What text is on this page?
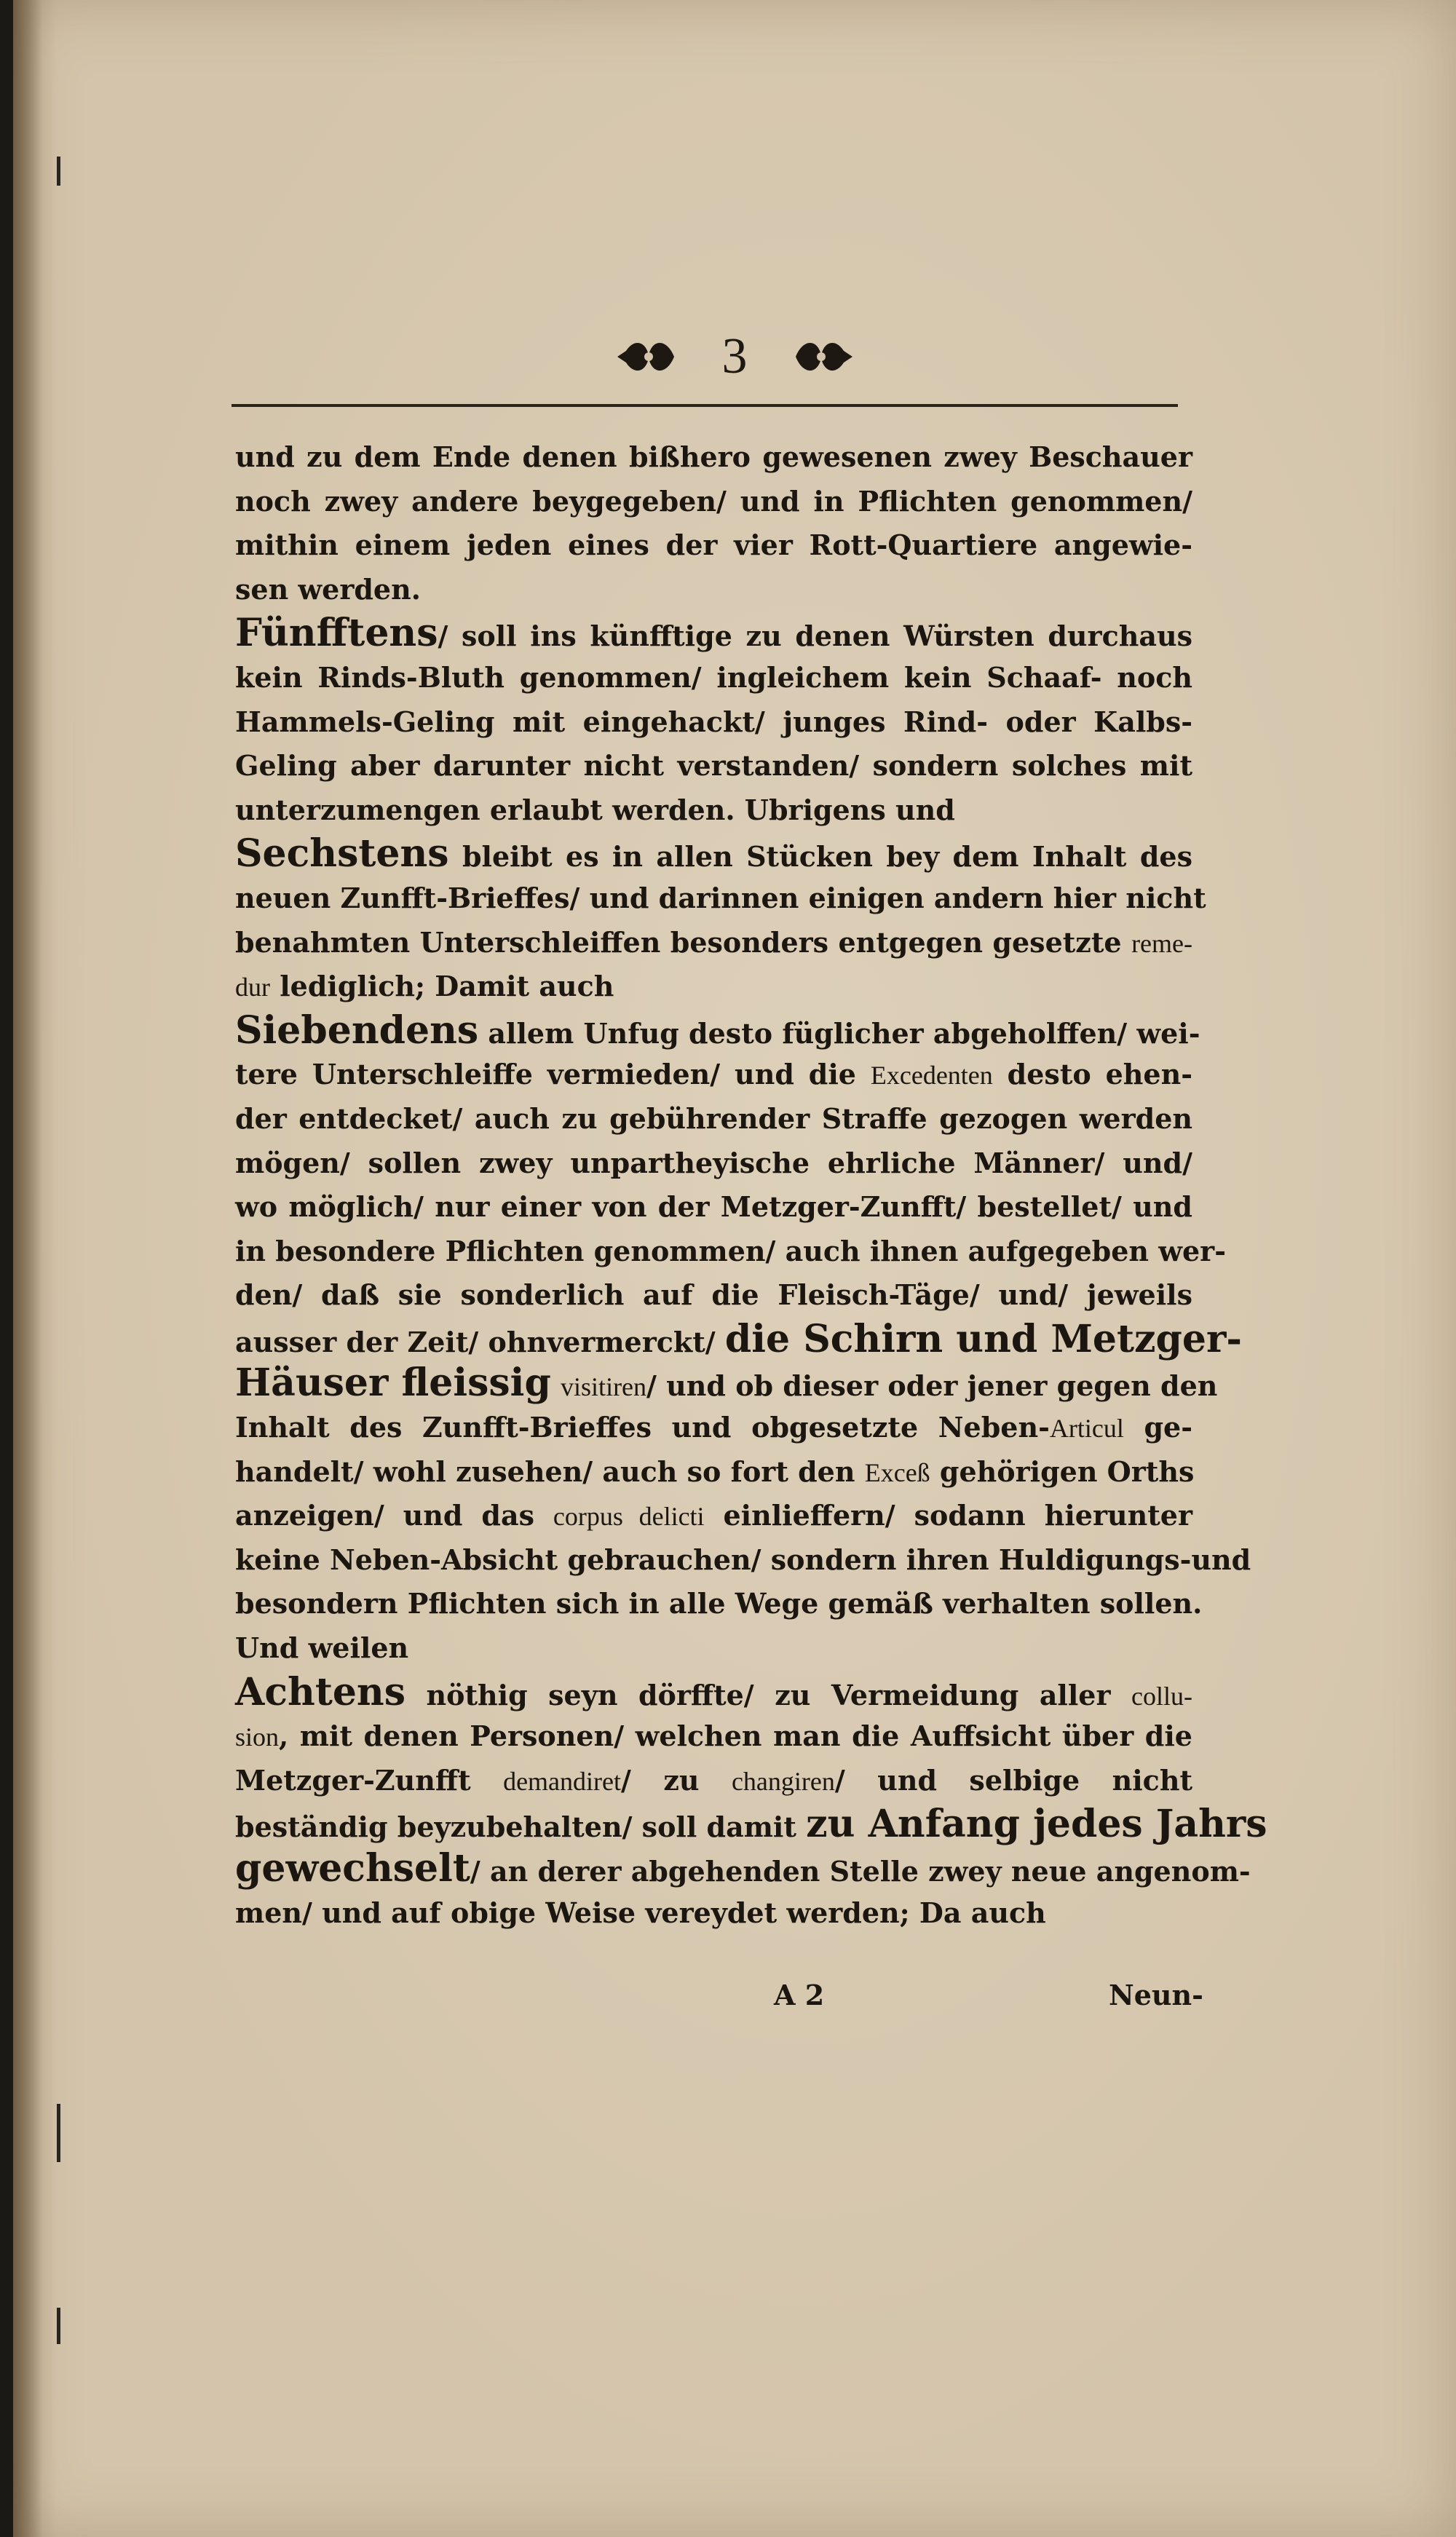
3
und zu dem Ende denen bißhero gewesenen zwey Beschauer
noch zwey andere beygegeben/ und in Pflichten genommen/
mithin einem jeden eines der vier Rott-Quartiere angewie-
sen werden.
Fünfftens/ soll ins künfftige zu denen Würsten durchaus
kein Rinds-Bluth genommen/ ingleichem kein Schaaf- noch
Hammels-Geling mit eingehackt/ junges Rind- oder Kalbs-
Geling aber darunter nicht verstanden/ sondern solches mit
unterzumengen erlaubt werden. Ubrigens und
Sechstens bleibt es in allen Stücken bey dem Inhalt des
neuen Zunfft-Brieffes/ und darinnen einigen andern hier nicht
benahmten Unterschleiffen besonders entgegen gesetzte reme-
dur lediglich; Damit auch
Siebendens allem Unfug desto füglicher abgeholffen/ wei-
tere Unterschleiffe vermieden/ und die Excedenten desto ehen-
der entdecket/ auch zu gebührender Straffe gezogen werden
mögen/ sollen zwey unpartheyische ehrliche Männer/ und/
wo möglich/ nur einer von der Metzger-Zunfft/ bestellet/ und
in besondere Pflichten genommen/ auch ihnen aufgegeben wer-
den/ daß sie sonderlich auf die Fleisch-Täge/ und/ jeweils
ausser der Zeit/ ohnvermerckt/ die Schirn und Metzger-
Häuser fleissig visitiren/ und ob dieser oder jener gegen den
Inhalt des Zunfft-Brieffes und obgesetzte Neben-Articul ge-
handelt/ wohl zusehen/ auch so fort den Exceß gehörigen Orths
anzeigen/ und das corpus delicti einlieffern/ sodann hierunter
keine Neben-Absicht gebrauchen/ sondern ihren Huldigungs-und
besondern Pflichten sich in alle Wege gemäß verhalten sollen.
Und weilen
Achtens nöthig seyn dörffte/ zu Vermeidung aller collu-
sion, mit denen Personen/ welchen man die Auffsicht über die
Metzger-Zunfft demandiret/ zu changiren/ und selbige nicht
beständig beyzubehalten/ soll damit zu Anfang jedes Jahrs
gewechselt/ an derer abgehenden Stelle zwey neue angenom-
men/ und auf obige Weise vereydet werden; Da auch
A 2	Neun-
